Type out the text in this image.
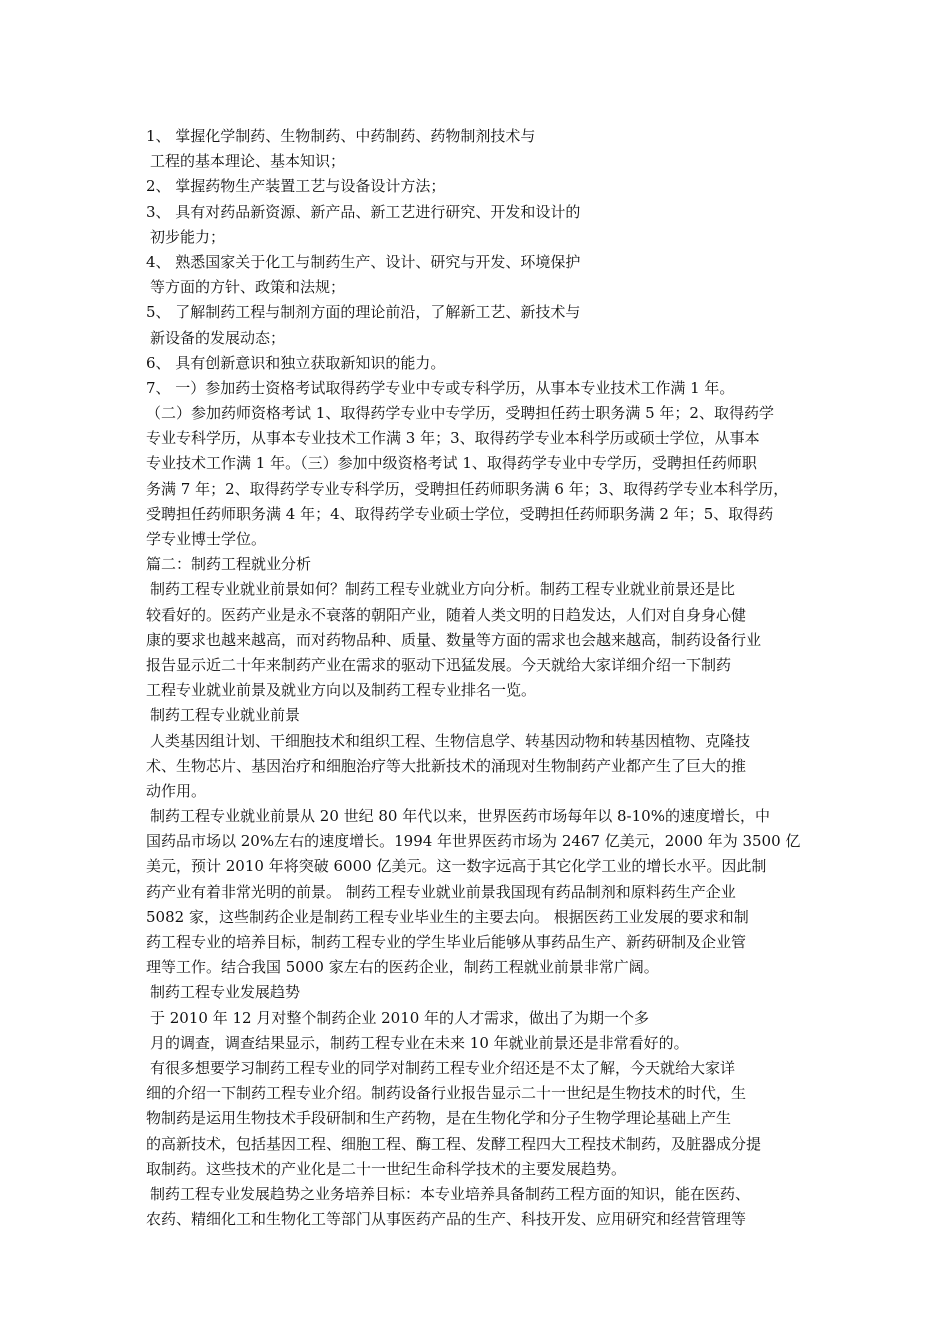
1、 掌握化学制药、生物制药、中药制药、药物制剂技术与
工程的基本理论、基本知识；
2、 掌握药物生产装置工艺与设备设计方法；
3、 具有对药品新资源、新产品、新工艺进行研究、开发和设计的
初步能力；
4、 熟悉国家关于化工与制药生产、设计、研究与开发、环境保护
等方面的方针、政策和法规；
5、 了解制药工程与制剂方面的理论前沿，了解新工艺、新技术与
新设备的发展动态；
6、 具有创新意识和独立获取新知识的能力。
7、 一）参加药士资格考试取得药学专业中专或专科学历，从事本专业技术工作满 1 年。
（二）参加药师资格考试 1、取得药学专业中专学历，受聘担任药士职务满 5 年；2、取得药学
专业专科学历，从事本专业技术工作满 3 年；3、取得药学专业本科学历或硕士学位，从事本
专业技术工作满 1 年。（三）参加中级资格考试 1、取得药学专业中专学历，受聘担任药师职
务满 7 年；2、取得药学专业专科学历，受聘担任药师职务满 6 年；3、取得药学专业本科学历，
受聘担任药师职务满 4 年；4、取得药学专业硕士学位，受聘担任药师职务满 2 年；5、取得药
学专业博士学位。
篇二：制药工程就业分析
制药工程专业就业前景如何？制药工程专业就业方向分析。制药工程专业就业前景还是比
较看好的。医药产业是永不衰落的朝阳产业，随着人类文明的日趋发达，人们对自身身心健
康的要求也越来越高，而对药物品种、质量、数量等方面的需求也会越来越高，制药设备行业
报告显示近二十年来制药产业在需求的驱动下迅猛发展。今天就给大家详细介绍一下制药
工程专业就业前景及就业方向以及制药工程专业排名一览。
制药工程专业就业前景
人类基因组计划、干细胞技术和组织工程、生物信息学、转基因动物和转基因植物、克隆技
术、生物芯片、基因治疗和细胞治疗等大批新技术的涌现对生物制药产业都产生了巨大的推
动作用。
制药工程专业就业前景从 20 世纪 80 年代以来，世界医药市场每年以 8-10%的速度增长，中
国药品市场以 20%左右的速度增长。1994 年世界医药市场为 2467 亿美元，2000 年为 3500 亿
美元，预计 2010 年将突破 6000 亿美元。这一数字远高于其它化学工业的增长水平。因此制
药产业有着非常光明的前景。 制药工程专业就业前景我国现有药品制剂和原料药生产企业
5082 家，这些制药企业是制药工程专业毕业生的主要去向。 根据医药工业发展的要求和制
药工程专业的培养目标，制药工程专业的学生毕业后能够从事药品生产、新药研制及企业管
理等工作。结合我国 5000 家左右的医药企业，制药工程就业前景非常广阔。
制药工程专业发展趋势
于 2010 年 12 月对整个制药企业 2010 年的人才需求，做出了为期一个多
月的调查，调查结果显示，制药工程专业在未来 10 年就业前景还是非常看好的。
有很多想要学习制药工程专业的同学对制药工程专业介绍还是不太了解，今天就给大家详
细的介绍一下制药工程专业介绍。制药设备行业报告显示二十一世纪是生物技术的时代，生
物制药是运用生物技术手段研制和生产药物，是在生物化学和分子生物学理论基础上产生
的高新技术，包括基因工程、细胞工程、酶工程、发酵工程四大工程技术制药，及脏器成分提
取制药。这些技术的产业化是二十一世纪生命科学技术的主要发展趋势。
制药工程专业发展趋势之业务培养目标：本专业培养具备制药工程方面的知识，能在医药、
农药、精细化工和生物化工等部门从事医药产品的生产、科技开发、应用研究和经营管理等
